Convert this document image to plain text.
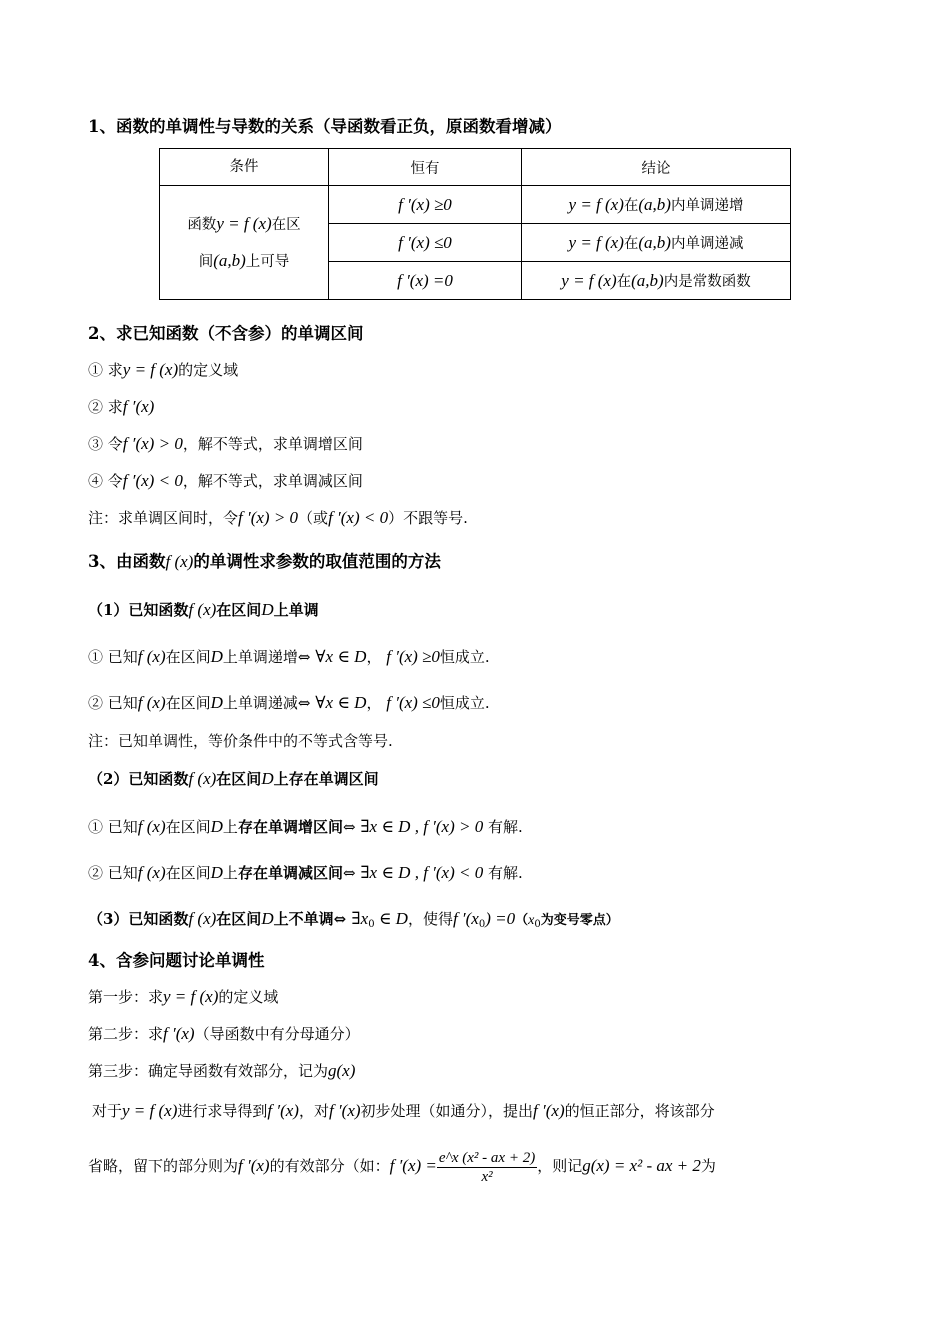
1、函数的单调性与导数的关系（导函数看正负，原函数看增减）
条件	恒有	结论
函数y = f (x)在区
间(a,b)上可导	f ′(x) ≥0	y = f (x)在(a,b)内单调递增
	f ′(x) ≤0	y = f (x)在(a,b)内单调递减
	f ′(x) =0	y = f (x)在(a,b)内是常数函数
2、求已知函数（不含参）的单调区间
① 求y = f (x)的定义域
② 求f ′(x)
③ 令f ′(x) > 0，解不等式，求单调增区间
④ 令f ′(x) < 0，解不等式，求单调减区间
注：求单调区间时，令f ′(x) > 0（或f ′(x) < 0）不跟等号.
3、由函数f (x)的单调性求参数的取值范围的方法
（1）已知函数f (x)在区间D上单调
① 已知f (x)在区间D上单调递增⇔ ∀x ∈ D， f ′(x) ≥0恒成立.
② 已知f (x)在区间D上单调递减⇔ ∀x ∈ D， f ′(x) ≤0恒成立.
注：已知单调性，等价条件中的不等式含等号.
（2）已知函数f (x)在区间D上存在单调区间
① 已知f (x)在区间D上存在单调增区间⇔ ∃x ∈ D , f ′(x) > 0 有解.
② 已知f (x)在区间D上存在单调减区间⇔ ∃x ∈ D , f ′(x) < 0 有解.
（3）已知函数f (x)在区间D上不单调⇔ $\exists x_0$ ∈ D，使得f $'(x_0) =0(x_0$为变号零点）
4、含参问题讨论单调性
第一步：求y = f (x)的定义域
第二步：求f ′(x)（导函数中有分母通分）
第三步：确定导函数有效部分，记为g(x)
对于y = f (x)进行求导得到f ′(x)，对f ′(x)初步处理（如通分），提出f ′(x)的恒正部分，将该部分
省略，留下的部分则为f ′(x)的有效部分（如：f $'(x) = \frac{\text{e\textasciicircum{}x (x² - ax + 2)}}{\text{x²}}$ ，则记g(x) = x² - ax + 2为
